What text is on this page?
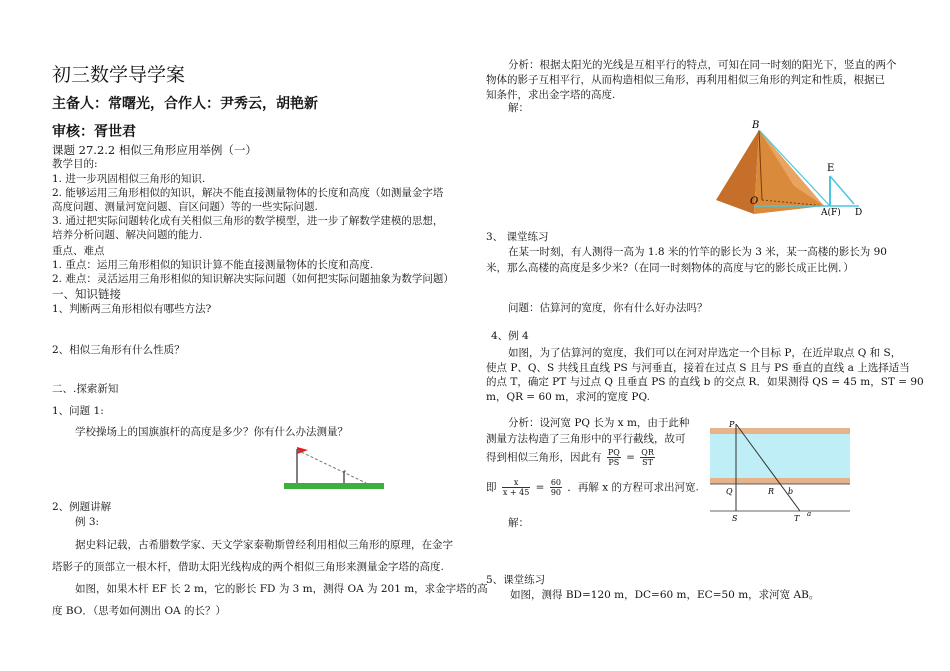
初三数学导学案
主备人：常曙光，合作人：尹秀云，胡艳新
审核：胥世君
课题 27.2.2 相似三角形应用举例（一）
教学目的:
1. 进一步巩固相似三角形的知识.
2. 能够运用三角形相似的知识，解决不能直接测量物体的长度和高度（如测量金字塔
高度问题、测量河宽问题、盲区问题）等的一些实际问题.
3. 通过把实际问题转化成有关相似三角形的数学模型，进一步了解数学建模的思想，
培养分析问题、解决问题的能力.
重点、难点
1. 重点：运用三角形相似的知识计算不能直接测量物体的长度和高度.
2. 难点：灵活运用三角形相似的知识解决实际问题（如何把实际问题抽象为数学问题）
一、知识链接
1、判断两三角形相似有哪些方法?
2、相似三角形有什么性质？
二、.探索新知
1、问题 1:
学校操场上的国旗旗杆的高度是多少？你有什么办法测量？
2、例题讲解
例 3:
据史料记载，古希腊数学家、天文学家泰勒斯曾经利用相似三角形的原理，在金字
塔影子的顶部立一根木杆，借助太阳光线构成的两个相似三角形来测量金字塔的高度.
如图，如果木杆 EF 长 2 m，它的影长 FD 为 3 m，测得 OA 为 201 m，求金字塔的高
度 BO．（思考如何测出 OA 的长？）
分析：根据太阳光的光线是互相平行的特点，可知在同一时刻的阳光下，竖直的两个
物体的影子互相平行，从而构造相似三角形，再利用相似三角形的判定和性质，根据已
知条件，求出金字塔的高度.
解：
B
O
E
A(F) D
3、 课堂练习
在某一时刻，有人测得一高为 1.8 米的竹竿的影长为 3 米，某一高楼的影长为 90
米，那么高楼的高度是多少米?（在同一时刻物体的高度与它的影长成正比例．）
问题：估算河的宽度，你有什么好办法吗？
4、例 4
如图，为了估算河的宽度，我们可以在河对岸选定一个目标 P，在近岸取点 Q 和 S，
使点 P、Q、S 共线且直线 PS 与河垂直，接着在过点 S 且与 PS 垂直的直线 a 上选择适当
的点 T，确定 PT 与过点 Q 且垂直 PS 的直线 b 的交点 R．如果测得 QS = 45 m，ST = 90
m，QR = 60 m，求河的宽度 PQ.
分析：设河宽 PQ 长为 x m，由于此种
测量方法构造了三角形中的平行截线，故可
得到相似三角形，因此有 $\frac{PQ}{PS} = \frac{QR}{ST}$
即 $\frac{x}{x + 45} = \frac{60}{90}$ ．再解 x 的方程可求出河宽.
解：
P
Q	R b
S	T a
5、课堂练习
如图，测得 BD=120 m，DC=60 m，EC=50 m，求河宽 AB。
